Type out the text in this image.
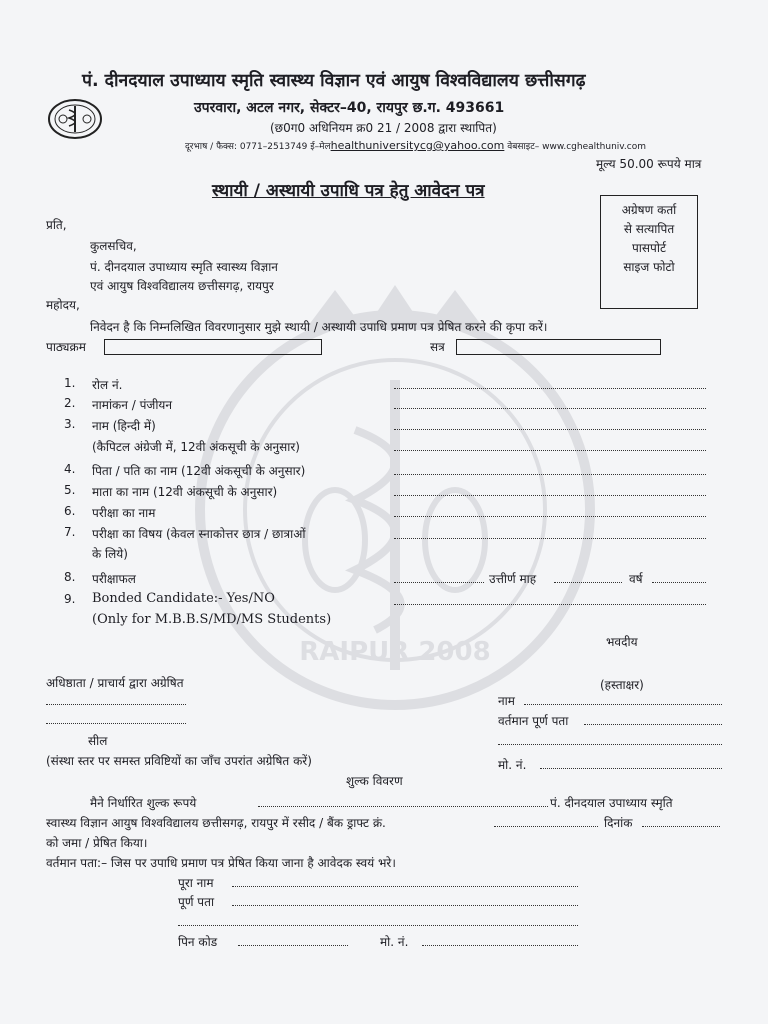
RAIPUR 2008
पं. दीनदयाल उपाध्याय स्मृति स्वास्थ्य विज्ञान एवं आयुष विश्वविद्यालय छत्तीसगढ़
उपरवारा, अटल नगर, सेक्टर–40, रायपुर छ.ग. 493661
(छ0ग0 अधिनियम क्र0 21 / 2008 द्वारा स्थापित)
दूरभाष / फैक्स: 0771–2513749 ई–मेलhealthuniversitycg@yahoo.com वेबसाइट– www.cghealthuniv.com
मूल्य 50.00 रूपये मात्र
स्थायी / अस्थायी उपाधि पत्र हेतु आवेदन पत्र
अग्रेषण कर्ता
से सत्यापित
पासपोर्ट
साइज फोटो
प्रति,
कुलसचिव,
पं. दीनदयाल उपाध्याय स्मृति स्वास्थ्य विज्ञान
एवं आयुष विश्वविद्यालय छत्तीसगढ़, रायपुर
महोदय,
निवेदन है कि निम्नलिखित विवरणानुसार मुझे स्थायी / अस्थायी उपाधि प्रमाण पत्र प्रेषित करने की कृपा करें।
पाठ्यक्रम	सत्र
1. रोल नं.
2. नामांकन / पंजीयन
3. नाम (हिन्दी में)
(कैपिटल अंग्रेजी में, 12वी अंकसूची के अनुसार)
4. पिता / पति का नाम (12वी अंकसूची के अनुसार)
5. माता का नाम (12वी अंकसूची के अनुसार)
6. परीक्षा का नाम
7. परीक्षा का विषय (केवल स्नाकोत्तर छात्र / छात्राओं
के लिये)
8. परीक्षाफल	उत्तीर्ण माह	वर्ष
9. Bonded Candidate:- Yes/NO
(Only for M.B.B.S/MD/MS Students)
भवदीय
अधिष्ठाता / प्राचार्य द्वारा अग्रेषित	(हस्ताक्षर)
नाम
वर्तमान पूर्ण पता
सील
(संस्था स्तर पर समस्त प्रविष्टियों का जाँच उपरांत अग्रेषित करें)	मो. नं.
शुल्क विवरण
मैने निर्धारित शुल्क रूपये	पं. दीनदयाल उपाध्याय स्मृति
स्वास्थ्य विज्ञान आयुष विश्वविद्यालय छत्तीसगढ़, रायपुर में रसीद / बैंक ड्राफ्ट क्रं.	दिनांक
को जमा / प्रेषित किया।
वर्तमान पता:– जिस पर उपाधि प्रमाण पत्र प्रेषित किया जाना है आवेदक स्वयं भरे।
पूरा नाम
पूर्ण पता
पिन कोड	मो. नं.
